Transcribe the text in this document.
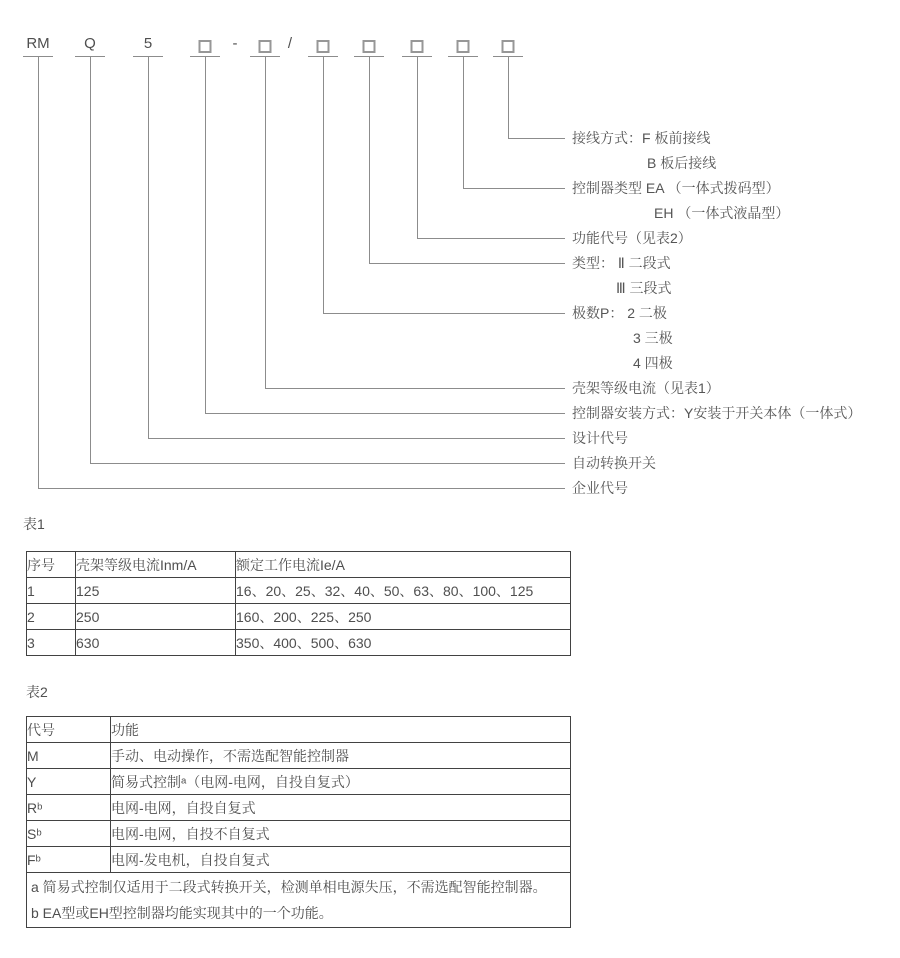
RM Q	5	-	/
接线方式：F 板前接线
B 板后接线
控制器类型 EA （一体式拨码型）
EH （一体式液晶型）
功能代号（见表2）
类型： Ⅱ 二段式
Ⅲ 三段式
极数P： 2 二极
3 三极
4 四极
壳架等级电流（见表1）
控制器安装方式：Y安装于开关本体（一体式）
设计代号
自动转换开关
企业代号
表1
序号	壳架等级电流Inm/A	额定工作电流Ie/A
1	125	16、20、25、32、40、50、63、80、100、125
2	250	160、200、225、250
3	630	350、400、500、630
表2
代号	功能
M	手动、电动操作，不需选配智能控制器
Y	简易式控制ᵃ（电网-电网，自投自复式）
Rᵇ	电网-电网，自投自复式
Sᵇ	电网-电网，自投不自复式
Fᵇ	电网-发电机，自投自复式

a 简易式控制仅适用于二段式转换开关，检测单相电源失压，不需选配智能控制器。
b EA型或EH型控制器均能实现其中的一个功能。	
